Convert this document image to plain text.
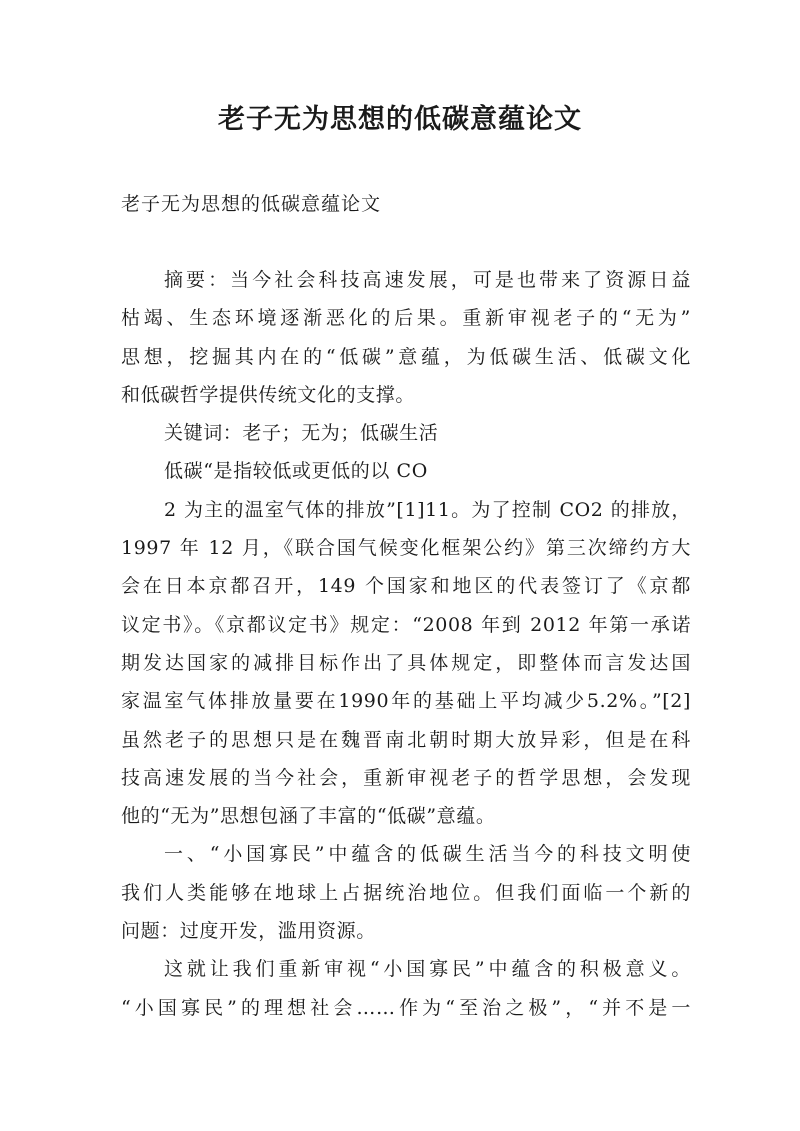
老子无为思想的低碳意蕴论文
老子无为思想的低碳意蕴论文
摘要：当今社会科技高速发展，可是也带来了资源日益
枯竭、生态环境逐渐恶化的后果。重新审视老子的“无为”
思想，挖掘其内在的“低碳”意蕴，为低碳生活、低碳文化
和低碳哲学提供传统文化的支撑。
关键词：老子；无为；低碳生活
低碳“是指较低或更低的以 CO
2 为主的温室气体的排放”[1]11。为了控制 CO2 的排放，
1997 年 12 月，《联合国气候变化框架公约》第三次缔约方大
会在日本京都召开，149 个国家和地区的代表签订了《京都
议定书》。《京都议定书》规定：“2008 年到 2012 年第一承诺
期发达国家的减排目标作出了具体规定，即整体而言发达国
家温室气体排放量要在1990年的基础上平均减少5.2%。”[2]
虽然老子的思想只是在魏晋南北朝时期大放异彩，但是在科
技高速发展的当今社会，重新审视老子的哲学思想，会发现
他的“无为”思想包涵了丰富的“低碳”意蕴。
一、“小国寡民”中蕴含的低碳生活当今的科技文明使
我们人类能够在地球上占据统治地位。但我们面临一个新的
问题：过度开发，滥用资源。
这就让我们重新审视“小国寡民”中蕴含的积极意义。
“小国寡民”的理想社会……作为“至治之极”，“并不是一
